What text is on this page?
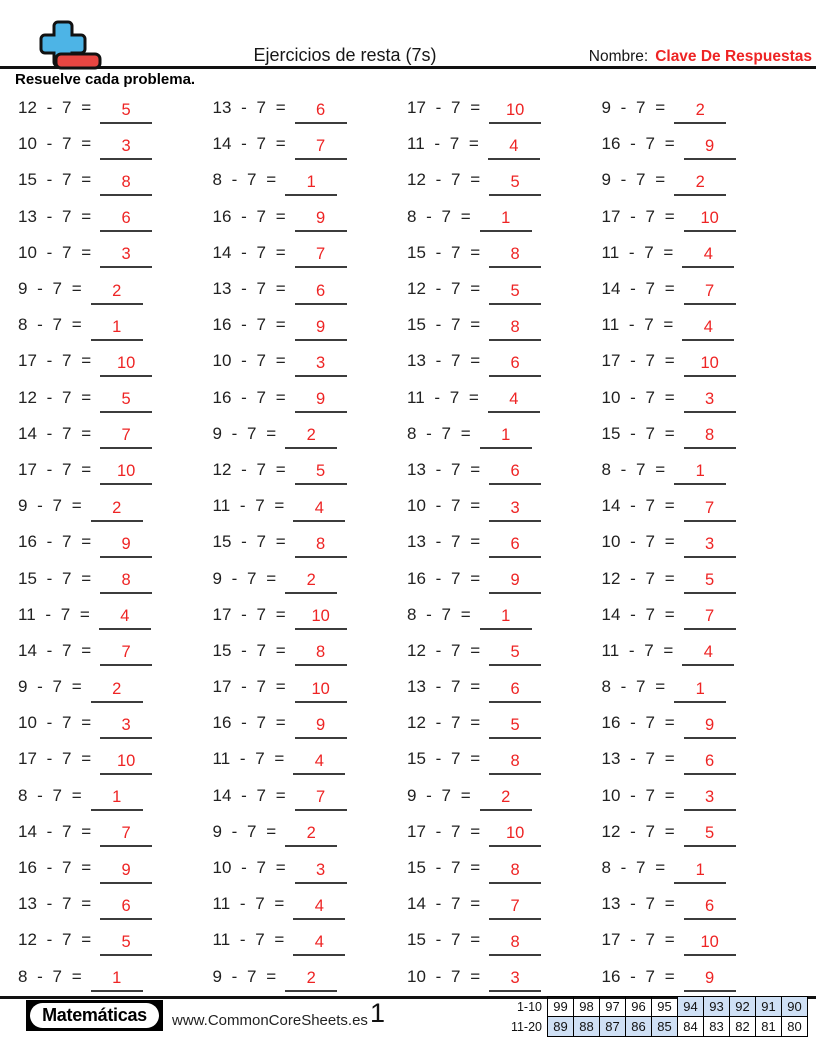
Ejercicios de resta (7s)	Nombre: Clave De Respuestas
Resuelve cada problema.
12 - 7 =	5
10 - 7 =	3
15 - 7 =	8
13 - 7 =	6
10 - 7 =	3
9 - 7 =	2
8 - 7 =	1
17 - 7 =	10
12 - 7 =	5
14 - 7 =	7
17 - 7 =	10
9 - 7 =	2
16 - 7 =	9
15 - 7 =	8
11 - 7 =	4
14 - 7 =	7
9 - 7 =	2
10 - 7 =	3
17 - 7 =	10
8 - 7 =	1
14 - 7 =	7
16 - 7 =	9
13 - 7 =	6
12 - 7 =	5
8 - 7 =	1
13 - 7 =	6
14 - 7 =	7
8 - 7 =	1
16 - 7 =	9
14 - 7 =	7
13 - 7 =	6
16 - 7 =	9
10 - 7 =	3
16 - 7 =	9
9 - 7 =	2
12 - 7 =	5
11 - 7 =	4
15 - 7 =	8
9 - 7 =	2
17 - 7 =	10
15 - 7 =	8
17 - 7 =	10
16 - 7 =	9
11 - 7 =	4
14 - 7 =	7
9 - 7 =	2
10 - 7 =	3
11 - 7 =	4
11 - 7 =	4
9 - 7 =	2
17 - 7 =	10
11 - 7 =	4
12 - 7 =	5
8 - 7 =	1
15 - 7 =	8
12 - 7 =	5
15 - 7 =	8
13 - 7 =	6
11 - 7 =	4
8 - 7 =	1
13 - 7 =	6
10 - 7 =	3
13 - 7 =	6
16 - 7 =	9
8 - 7 =	1
12 - 7 =	5
13 - 7 =	6
12 - 7 =	5
15 - 7 =	8
9 - 7 =	2
17 - 7 =	10
15 - 7 =	8
14 - 7 =	7
15 - 7 =	8
10 - 7 =	3
9 - 7 =	2
16 - 7 =	9
9 - 7 =	2
17 - 7 =	10
11 - 7 =	4
14 - 7 =	7
11 - 7 =	4
17 - 7 =	10
10 - 7 =	3
15 - 7 =	8
8 - 7 =	1
14 - 7 =	7
10 - 7 =	3
12 - 7 =	5
14 - 7 =	7
11 - 7 =	4
8 - 7 =	1
16 - 7 =	9
13 - 7 =	6
10 - 7 =	3
12 - 7 =	5
8 - 7 =	1
13 - 7 =	6
17 - 7 =	10
16 - 7 =	9
Matemáticas	www.CommonCoreSheets.es 1	1-10	99	98	97	96	95	94	93	92	91	90
11-20	89	88	87	86	85	84	83	82	81	80
